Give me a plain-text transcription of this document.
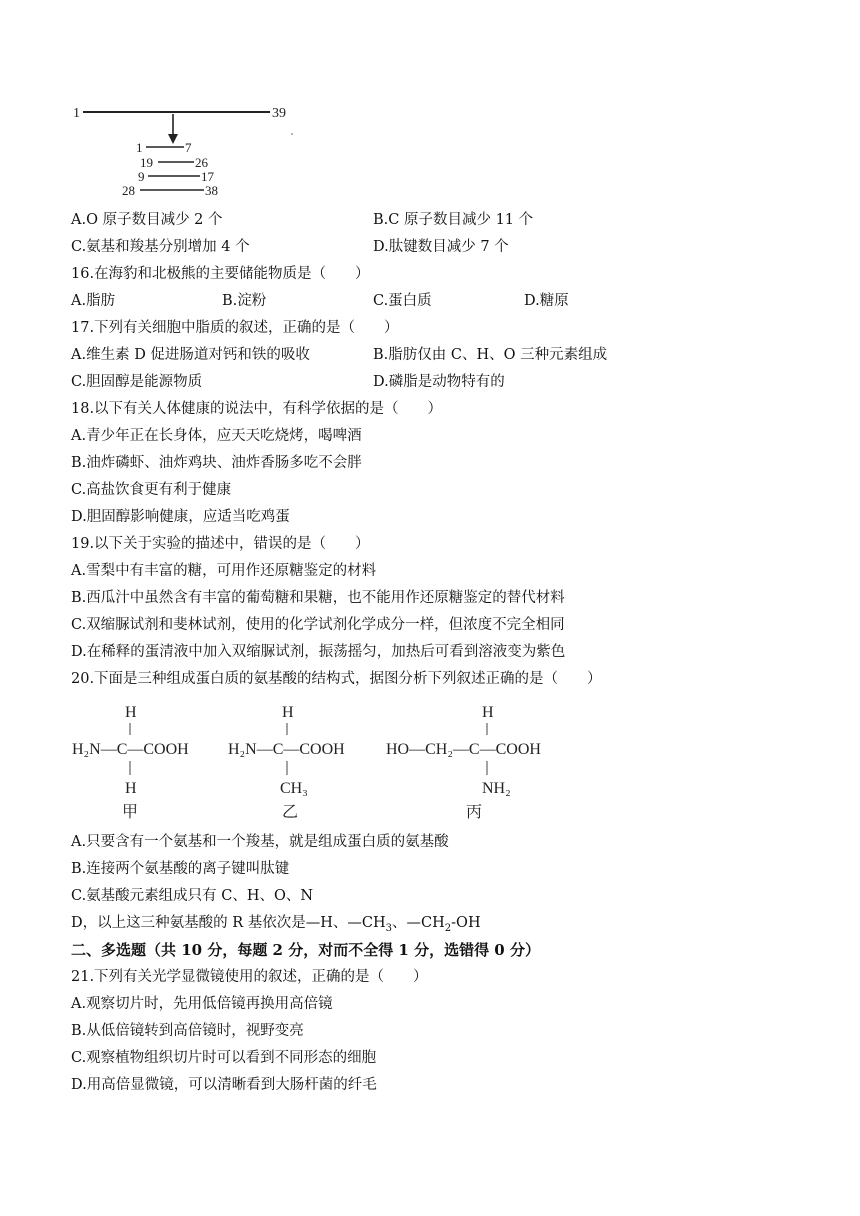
1	39
1	7
19	26
9	17
28	38
A.O 原子数目减少 2 个	B.C 原子数目减少 11 个
C.氨基和羧基分别增加 4 个	D.肽键数目减少 7 个
16.在海豹和北极熊的主要储能物质是（　　）
A.脂肪	B.淀粉	C.蛋白质	D.糖原
17.下列有关细胞中脂质的叙述，正确的是（　　）
A.维生素 D 促进肠道对钙和铁的吸收	B.脂肪仅由 C、H、O 三种元素组成
C.胆固醇是能源物质	D.磷脂是动物特有的
18.以下有关人体健康的说法中，有科学依据的是（　　）
A.青少年正在长身体，应天天吃烧烤，喝啤酒
B.油炸磷虾、油炸鸡块、油炸香肠多吃不会胖
C.高盐饮食更有利于健康
D.胆固醇影响健康，应适当吃鸡蛋
19.以下关于实验的描述中，错误的是（　　）
A.雪梨中有丰富的糖，可用作还原糖鉴定的材料
B.西瓜汁中虽然含有丰富的葡萄糖和果糖，也不能用作还原糖鉴定的替代材料
C.双缩脲试剂和斐林试剂，使用的化学试剂化学成分一样，但浓度不完全相同
D.在稀释的蛋清液中加入双缩脲试剂，振荡摇匀，加热后可看到溶液变为紫色
20.下面是三种组成蛋白质的氨基酸的结构式，据图分析下列叙述正确的是（　　）
H
H₂N—C—COOH
H
甲
H
H₂N—C—COOH
CH₃
乙
H
HO—CH₂—C—COOH
NH₂
丙
A.只要含有一个氨基和一个羧基，就是组成蛋白质的氨基酸
B.连接两个氨基酸的离子键叫肽键
C.氨基酸元素组成只有 C、H、O、N
D，以上这三种氨基酸的 R 基依次是—H、$—CH_3$、$—CH_2-OH$
二、多选题（共 10 分，每题 2 分，对而不全得 1 分，选错得 0 分）
21.下列有关光学显微镜使用的叙述，正确的是（　　）
A.观察切片时，先用低倍镜再换用高倍镜
B.从低倍镜转到高倍镜时，视野变亮
C.观察植物组织切片时可以看到不同形态的细胞
D.用高倍显微镜，可以清晰看到大肠杆菌的纤毛
